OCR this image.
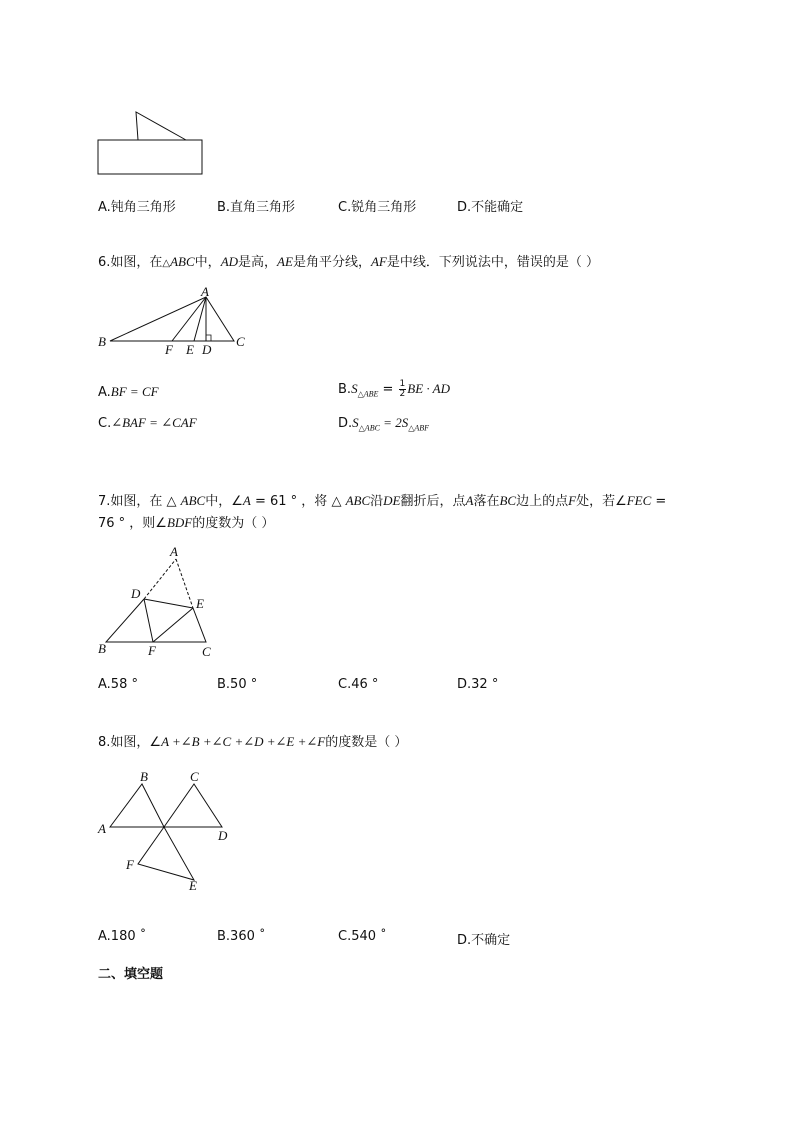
A.钝角三角形	B.直角三角形	C.锐角三角形	D.不能确定
6.如图，在△ABC中，AD是高，AE是角平分线，AF是中线．下列说法中，错误的是（ ）
A
B	C
D
E
F
A.BF = CF	$B.S_{\triangle ABE} = \frac{1}{2}$ BE · AD
C.∠BAF = ∠CAF	$D.S_{\triangle ABC} = 2S_{\triangle ABF}$
7.如图，在 △ ABC中，∠A = 61 ° ，将 △ ABC沿DE翻折后，点A落在BC边上的点F处，若∠FEC =
76 ° ，则∠BDF的度数为（ ）
A
B	C
D
E
F
A.58 °	B.50 °	C.46 °	D.32 °
8.如图，∠A +∠B +∠C +∠D +∠E +∠F的度数是（ ）
B	C
A	D
F
E
A.180 ˚	B.360 ˚	C.540 ˚	D.不确定
二、填空题
